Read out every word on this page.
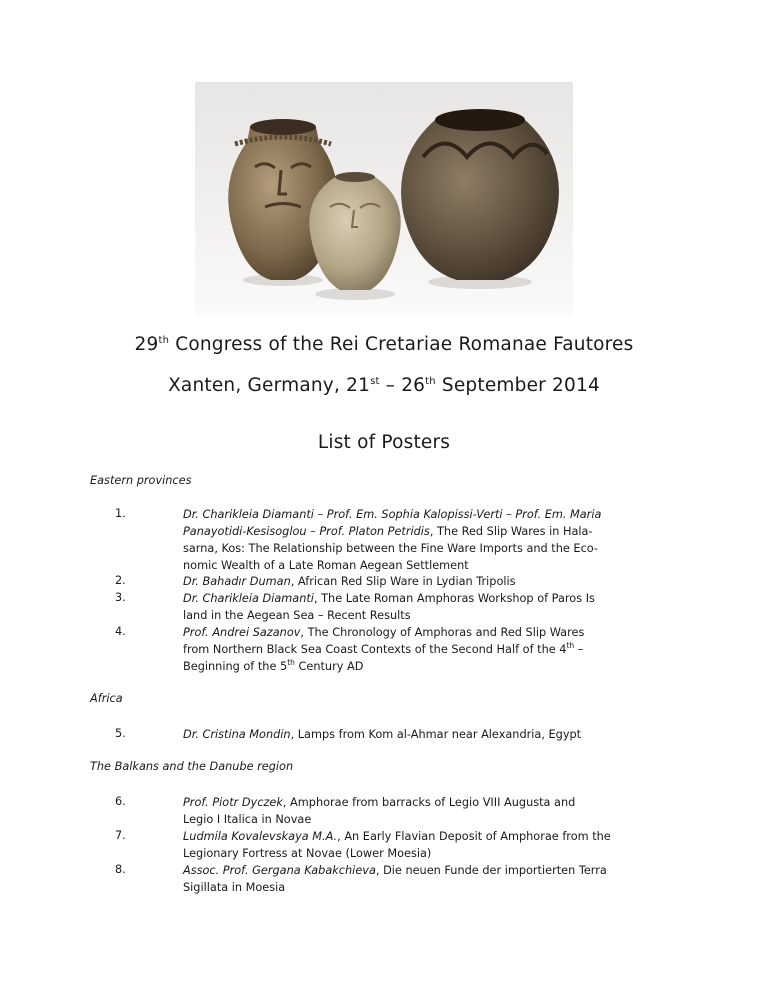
29th Congress of the Rei Cretariae Romanae Fautores
Xanten, Germany, 21st – 26th September 2014
List of Posters
Eastern provinces
Africa
The Balkans and the Danube region
1.	Dr. Charikleia Diamanti – Prof. Em. Sophia Kalopissi-Verti – Prof. Em. Maria
Panayotidi-Kesisoglou – Prof. Platon Petridis, The Red Slip Wares in Hala-
sarna, Kos: The Relationship between the Fine Ware Imports and the Eco-
nomic Wealth of a Late Roman Aegean Settlement
2.	Dr. Bahadır Duman, African Red Slip Ware in Lydian Tripolis
3.	Dr. Charikleia Diamanti, The Late Roman Amphoras Workshop of Paros Is
land in the Aegean Sea – Recent Results
4.	Prof. Andrei Sazanov, The Chronology of Amphoras and Red Slip Wares
from Northern Black Sea Coast Contexts of the Second Half of the 4th –
Beginning of the 5th Century AD
5.	Dr. Cristina Mondin, Lamps from Kom al-Ahmar near Alexandria, Egypt
6.	Prof. Piotr Dyczek, Amphorae from barracks of Legio VIII Augusta and
Legio I Italica in Novae
7.	Ludmila Kovalevskaya M.A., An Early Flavian Deposit of Amphorae from the
Legionary Fortress at Novae (Lower Moesia)
8.	Assoc. Prof. Gergana Kabakchieva, Die neuen Funde der importierten Terra
Sigillata in Moesia
